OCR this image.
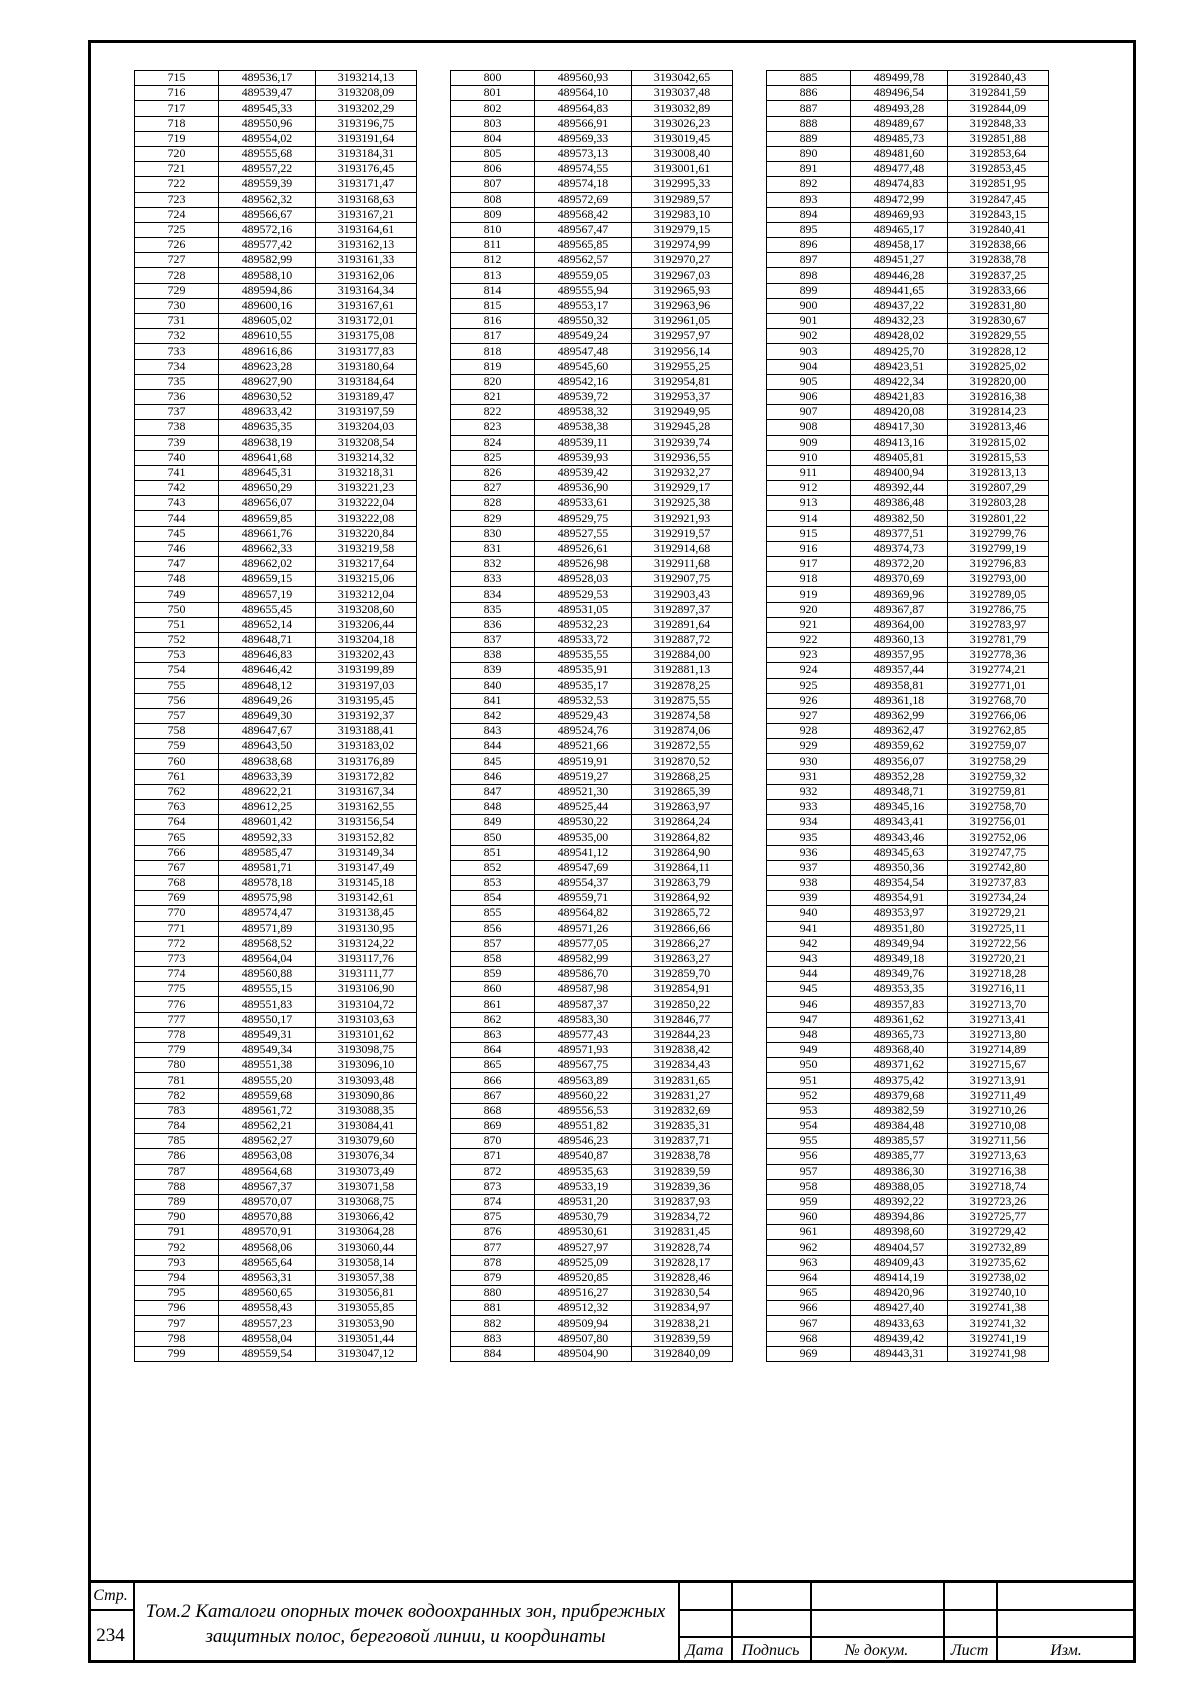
715	489536,17	3193214,13
716	489539,47	3193208,09
717	489545,33	3193202,29
718	489550,96	3193196,75
719	489554,02	3193191,64
720	489555,68	3193184,31
721	489557,22	3193176,45
722	489559,39	3193171,47
723	489562,32	3193168,63
724	489566,67	3193167,21
725	489572,16	3193164,61
726	489577,42	3193162,13
727	489582,99	3193161,33
728	489588,10	3193162,06
729	489594,86	3193164,34
730	489600,16	3193167,61
731	489605,02	3193172,01
732	489610,55	3193175,08
733	489616,86	3193177,83
734	489623,28	3193180,64
735	489627,90	3193184,64
736	489630,52	3193189,47
737	489633,42	3193197,59
738	489635,35	3193204,03
739	489638,19	3193208,54
740	489641,68	3193214,32
741	489645,31	3193218,31
742	489650,29	3193221,23
743	489656,07	3193222,04
744	489659,85	3193222,08
745	489661,76	3193220,84
746	489662,33	3193219,58
747	489662,02	3193217,64
748	489659,15	3193215,06
749	489657,19	3193212,04
750	489655,45	3193208,60
751	489652,14	3193206,44
752	489648,71	3193204,18
753	489646,83	3193202,43
754	489646,42	3193199,89
755	489648,12	3193197,03
756	489649,26	3193195,45
757	489649,30	3193192,37
758	489647,67	3193188,41
759	489643,50	3193183,02
760	489638,68	3193176,89
761	489633,39	3193172,82
762	489622,21	3193167,34
763	489612,25	3193162,55
764	489601,42	3193156,54
765	489592,33	3193152,82
766	489585,47	3193149,34
767	489581,71	3193147,49
768	489578,18	3193145,18
769	489575,98	3193142,61
770	489574,47	3193138,45
771	489571,89	3193130,95
772	489568,52	3193124,22
773	489564,04	3193117,76
774	489560,88	3193111,77
775	489555,15	3193106,90
776	489551,83	3193104,72
777	489550,17	3193103,63
778	489549,31	3193101,62
779	489549,34	3193098,75
780	489551,38	3193096,10
781	489555,20	3193093,48
782	489559,68	3193090,86
783	489561,72	3193088,35
784	489562,21	3193084,41
785	489562,27	3193079,60
786	489563,08	3193076,34
787	489564,68	3193073,49
788	489567,37	3193071,58
789	489570,07	3193068,75
790	489570,88	3193066,42
791	489570,91	3193064,28
792	489568,06	3193060,44
793	489565,64	3193058,14
794	489563,31	3193057,38
795	489560,65	3193056,81
796	489558,43	3193055,85
797	489557,23	3193053,90
798	489558,04	3193051,44
799	489559,54	3193047,12
800	489560,93	3193042,65
801	489564,10	3193037,48
802	489564,83	3193032,89
803	489566,91	3193026,23
804	489569,33	3193019,45
805	489573,13	3193008,40
806	489574,55	3193001,61
807	489574,18	3192995,33
808	489572,69	3192989,57
809	489568,42	3192983,10
810	489567,47	3192979,15
811	489565,85	3192974,99
812	489562,57	3192970,27
813	489559,05	3192967,03
814	489555,94	3192965,93
815	489553,17	3192963,96
816	489550,32	3192961,05
817	489549,24	3192957,97
818	489547,48	3192956,14
819	489545,60	3192955,25
820	489542,16	3192954,81
821	489539,72	3192953,37
822	489538,32	3192949,95
823	489538,38	3192945,28
824	489539,11	3192939,74
825	489539,93	3192936,55
826	489539,42	3192932,27
827	489536,90	3192929,17
828	489533,61	3192925,38
829	489529,75	3192921,93
830	489527,55	3192919,57
831	489526,61	3192914,68
832	489526,98	3192911,68
833	489528,03	3192907,75
834	489529,53	3192903,43
835	489531,05	3192897,37
836	489532,23	3192891,64
837	489533,72	3192887,72
838	489535,55	3192884,00
839	489535,91	3192881,13
840	489535,17	3192878,25
841	489532,53	3192875,55
842	489529,43	3192874,58
843	489524,76	3192874,06
844	489521,66	3192872,55
845	489519,91	3192870,52
846	489519,27	3192868,25
847	489521,30	3192865,39
848	489525,44	3192863,97
849	489530,22	3192864,24
850	489535,00	3192864,82
851	489541,12	3192864,90
852	489547,69	3192864,11
853	489554,37	3192863,79
854	489559,71	3192864,92
855	489564,82	3192865,72
856	489571,26	3192866,66
857	489577,05	3192866,27
858	489582,99	3192863,27
859	489586,70	3192859,70
860	489587,98	3192854,91
861	489587,37	3192850,22
862	489583,30	3192846,77
863	489577,43	3192844,23
864	489571,93	3192838,42
865	489567,75	3192834,43
866	489563,89	3192831,65
867	489560,22	3192831,27
868	489556,53	3192832,69
869	489551,82	3192835,31
870	489546,23	3192837,71
871	489540,87	3192838,78
872	489535,63	3192839,59
873	489533,19	3192839,36
874	489531,20	3192837,93
875	489530,79	3192834,72
876	489530,61	3192831,45
877	489527,97	3192828,74
878	489525,09	3192828,17
879	489520,85	3192828,46
880	489516,27	3192830,54
881	489512,32	3192834,97
882	489509,94	3192838,21
883	489507,80	3192839,59
884	489504,90	3192840,09
885	489499,78	3192840,43
886	489496,54	3192841,59
887	489493,28	3192844,09
888	489489,67	3192848,33
889	489485,73	3192851,88
890	489481,60	3192853,64
891	489477,48	3192853,45
892	489474,83	3192851,95
893	489472,99	3192847,45
894	489469,93	3192843,15
895	489465,17	3192840,41
896	489458,17	3192838,66
897	489451,27	3192838,78
898	489446,28	3192837,25
899	489441,65	3192833,66
900	489437,22	3192831,80
901	489432,23	3192830,67
902	489428,02	3192829,55
903	489425,70	3192828,12
904	489423,51	3192825,02
905	489422,34	3192820,00
906	489421,83	3192816,38
907	489420,08	3192814,23
908	489417,30	3192813,46
909	489413,16	3192815,02
910	489405,81	3192815,53
911	489400,94	3192813,13
912	489392,44	3192807,29
913	489386,48	3192803,28
914	489382,50	3192801,22
915	489377,51	3192799,76
916	489374,73	3192799,19
917	489372,20	3192796,83
918	489370,69	3192793,00
919	489369,96	3192789,05
920	489367,87	3192786,75
921	489364,00	3192783,97
922	489360,13	3192781,79
923	489357,95	3192778,36
924	489357,44	3192774,21
925	489358,81	3192771,01
926	489361,18	3192768,70
927	489362,99	3192766,06
928	489362,47	3192762,85
929	489359,62	3192759,07
930	489356,07	3192758,29
931	489352,28	3192759,32
932	489348,71	3192759,81
933	489345,16	3192758,70
934	489343,41	3192756,01
935	489343,46	3192752,06
936	489345,63	3192747,75
937	489350,36	3192742,80
938	489354,54	3192737,83
939	489354,91	3192734,24
940	489353,97	3192729,21
941	489351,80	3192725,11
942	489349,94	3192722,56
943	489349,18	3192720,21
944	489349,76	3192718,28
945	489353,35	3192716,11
946	489357,83	3192713,70
947	489361,62	3192713,41
948	489365,73	3192713,80
949	489368,40	3192714,89
950	489371,62	3192715,67
951	489375,42	3192713,91
952	489379,68	3192711,49
953	489382,59	3192710,26
954	489384,48	3192710,08
955	489385,57	3192711,56
956	489385,77	3192713,63
957	489386,30	3192716,38
958	489388,05	3192718,74
959	489392,22	3192723,26
960	489394,86	3192725,77
961	489398,60	3192729,42
962	489404,57	3192732,89
963	489409,43	3192735,62
964	489414,19	3192738,02
965	489420,96	3192740,10
966	489427,40	3192741,38
967	489433,63	3192741,32
968	489439,42	3192741,19
969	489443,31	3192741,98
Стр.
234
Том.2 Каталоги опорных точек водоохранных зон, прибрежных
защитных полос, береговой линии, и координаты
Дата	Подпись	№ докум.	Лист	Изм.
